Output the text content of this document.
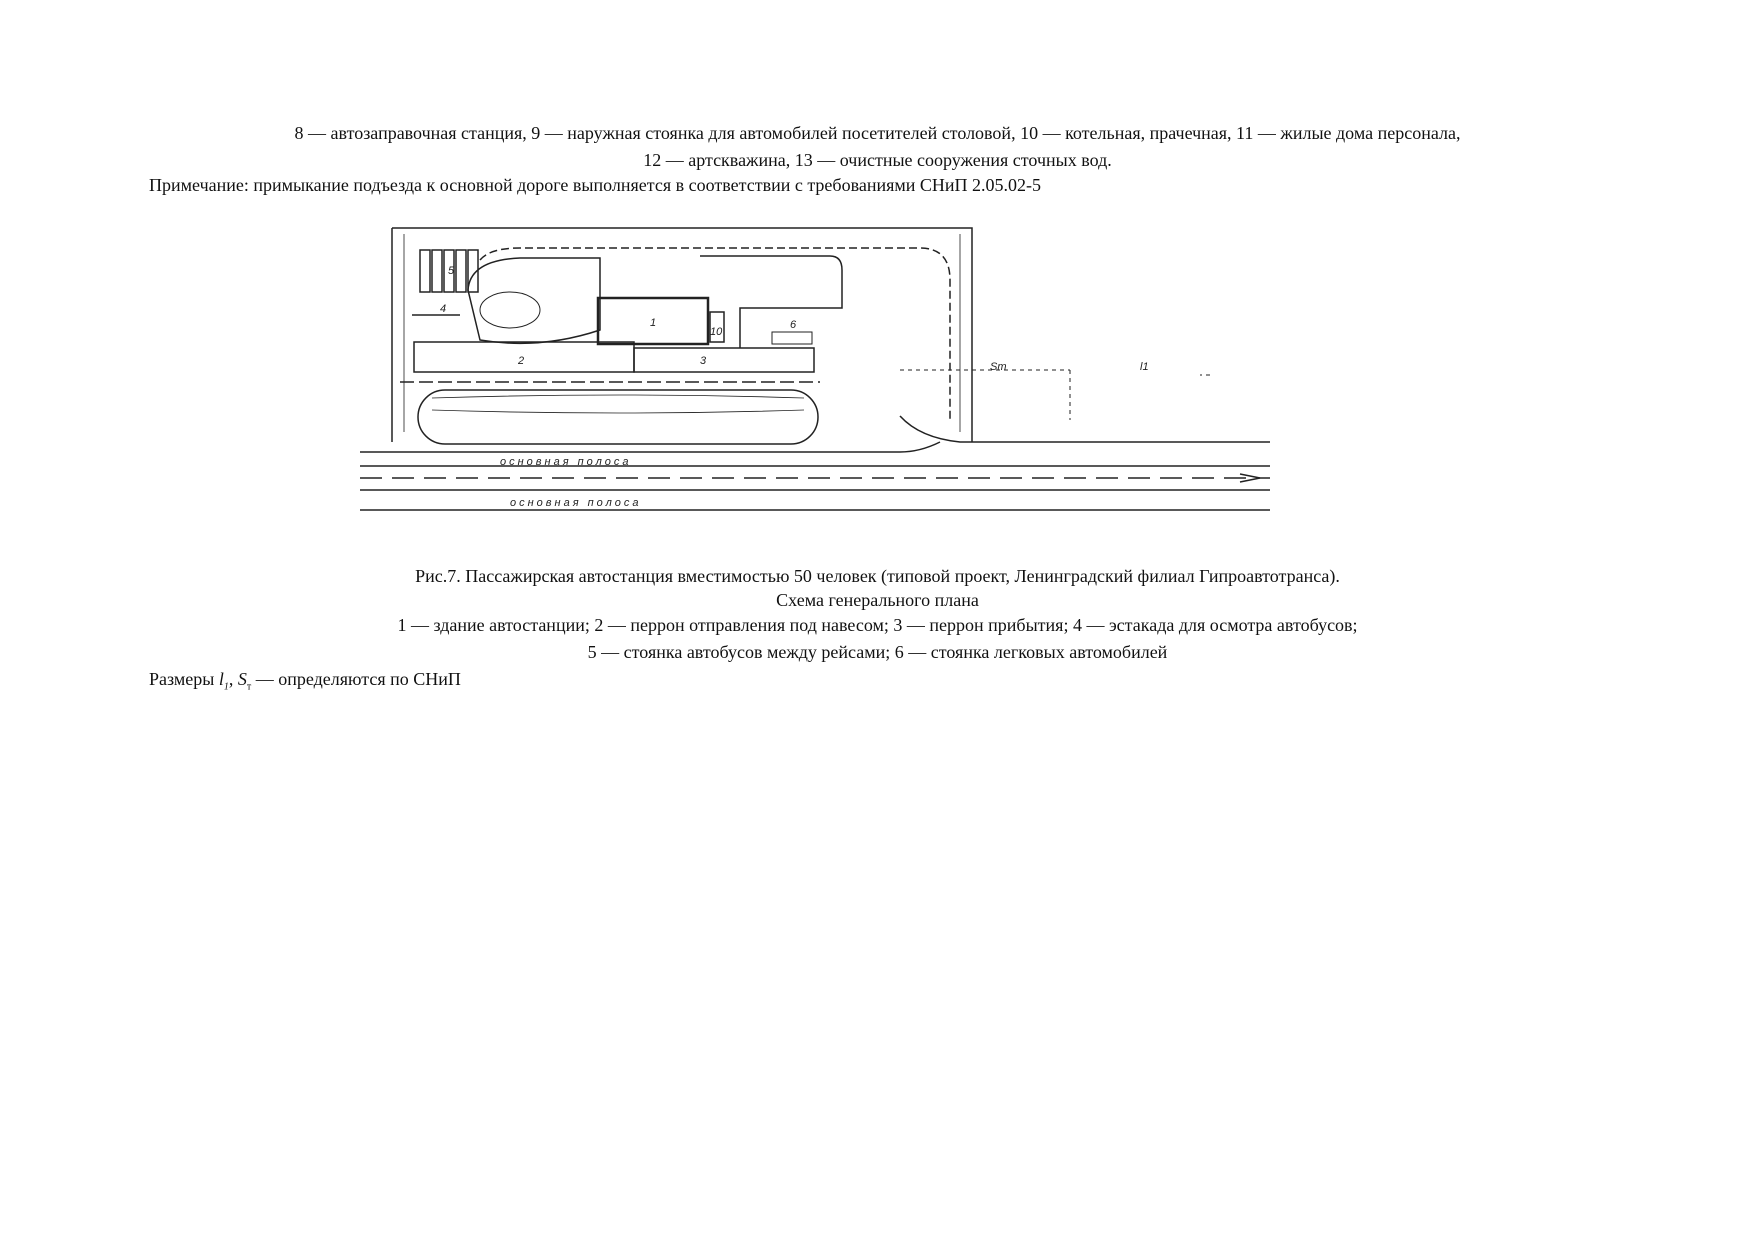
8 — автозаправочная станция, 9 — наружная стоянка для автомобилей посетителей столовой, 10 — котельная, прачечная, 11 — жилые дома персонала,
12 — артскважина, 13 — очистные сооружения сточных вод.
Примечание: примыкание подъезда к основной дороге выполняется в соответствии с требованиями СНиП 2.05.02-5
5
4
1
10
6
2	3
основная полоса
основная полоса
Sт	l1
Рис.7. Пассажирская автостанция вместимостью 50 человек (типовой проект, Ленинградский филиал Гипроавтотранса).
Схема генерального плана
1 — здание автостанции; 2 — перрон отправления под навесом; 3 — перрон прибытия; 4 — эстакада для осмотра автобусов;
5 — стоянка автобусов между рейсами; 6 — стоянка легковых автомобилей
Размеры $l_1$, $S_т$ — определяются по СНиП
